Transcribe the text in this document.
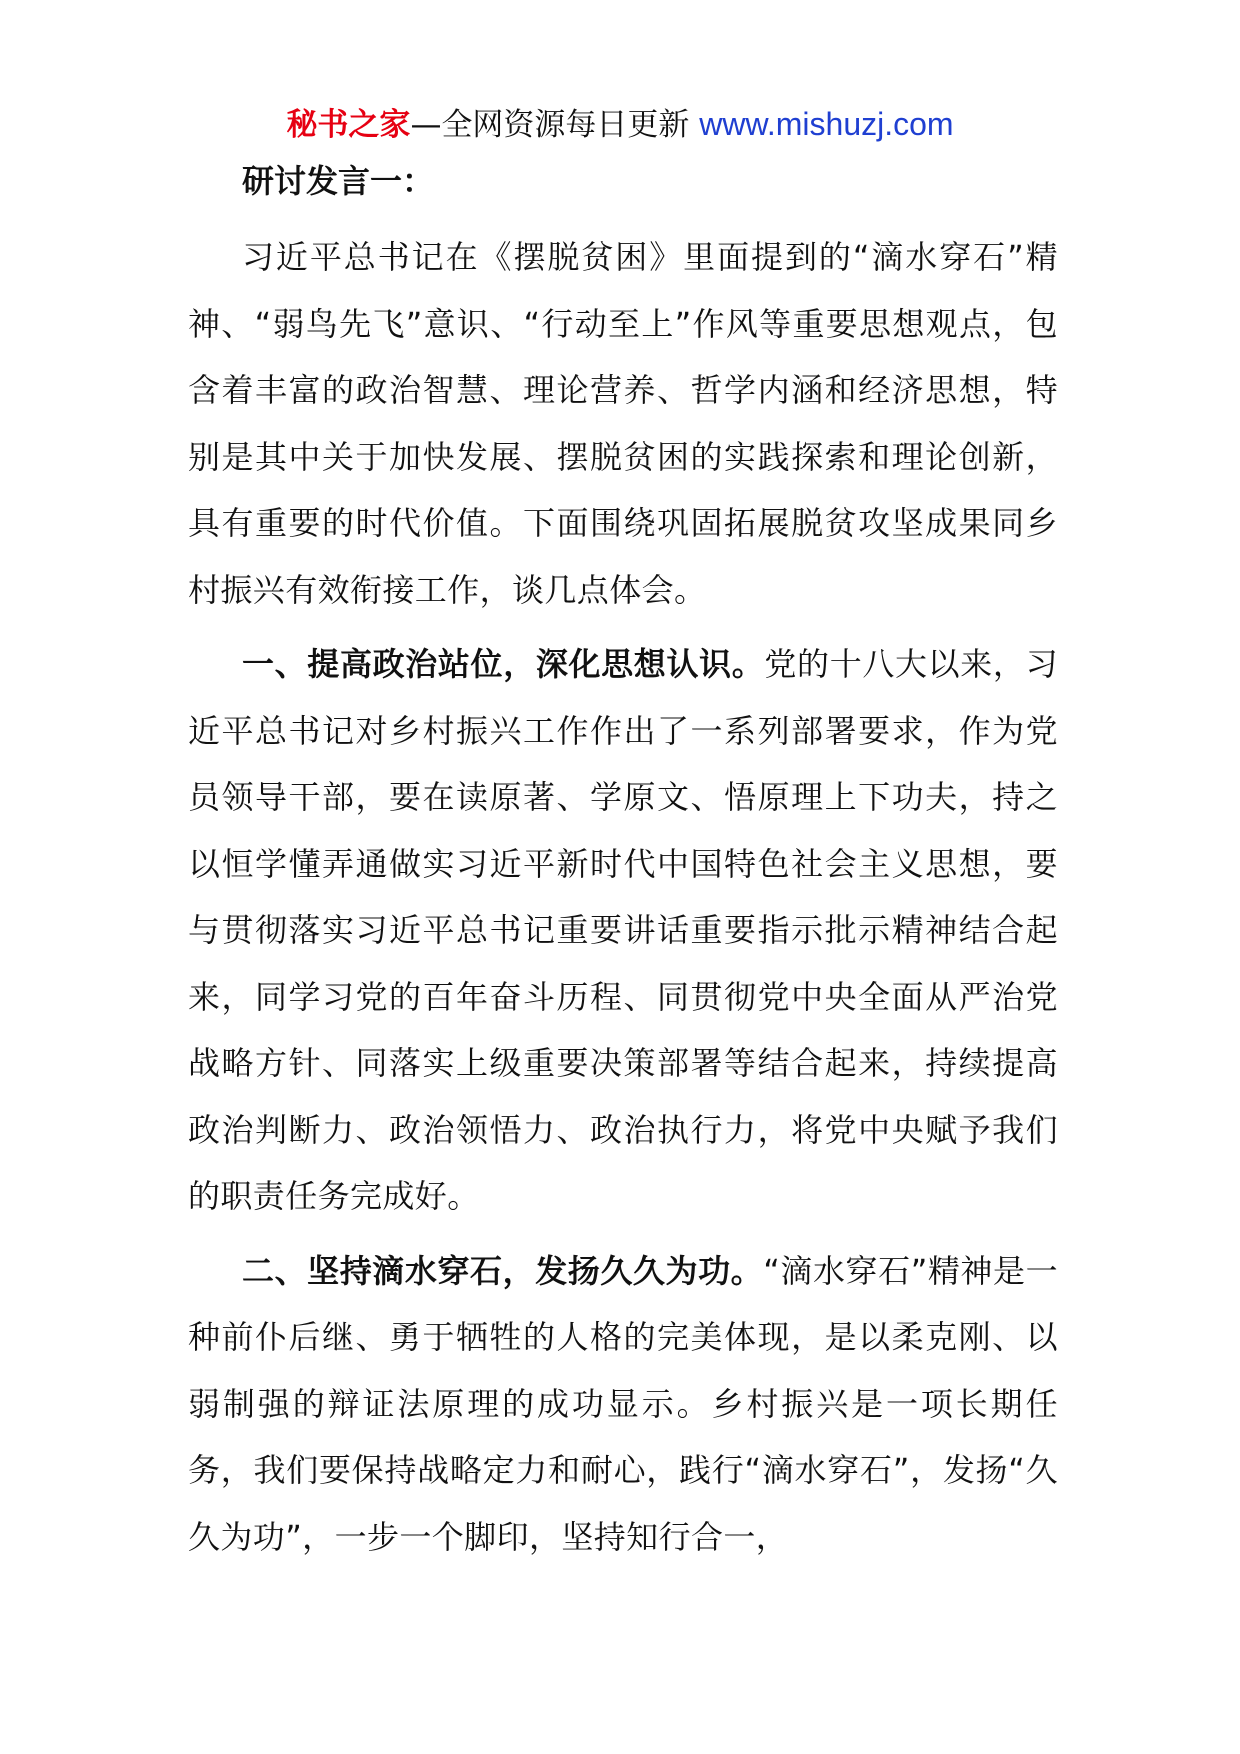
秘书之家—全网资源每日更新 www.mishuzj.com
研讨发言一：

习近平总书记在《摆脱贫困》里面提到的“滴水穿石”精神、“弱鸟先飞”意识、“行动至上”作风等重要思想观点，包含着丰富的政治智慧、理论营养、哲学内涵和经济思想，特别是其中关于加快发展、摆脱贫困的实践探索和理论创新，具有重要的时代价值。下面围绕巩固拓展脱贫攻坚成果同乡村振兴有效衔接工作，谈几点体会。

一、提高政治站位，深化思想认识。党的十八大以来，习近平总书记对乡村振兴工作作出了一系列部署要求，作为党员领导干部，要在读原著、学原文、悟原理上下功夫，持之以恒学懂弄通做实习近平新时代中国特色社会主义思想，要与贯彻落实习近平总书记重要讲话重要指示批示精神结合起来，同学习党的百年奋斗历程、同贯彻党中央全面从严治党战略方针、同落实上级重要决策部署等结合起来，持续提高政治判断力、政治领悟力、政治执行力，将党中央赋予我们的职责任务完成好。

二、坚持滴水穿石，发扬久久为功。“滴水穿石”精神是一种前仆后继、勇于牺牲的人格的完美体现，是以柔克刚、以弱制强的辩证法原理的成功显示。乡村振兴是一项长期任务，我们要保持战略定力和耐心，践行“滴水穿石”，发扬“久久为功”，一步一个脚印，坚持知行合一，
